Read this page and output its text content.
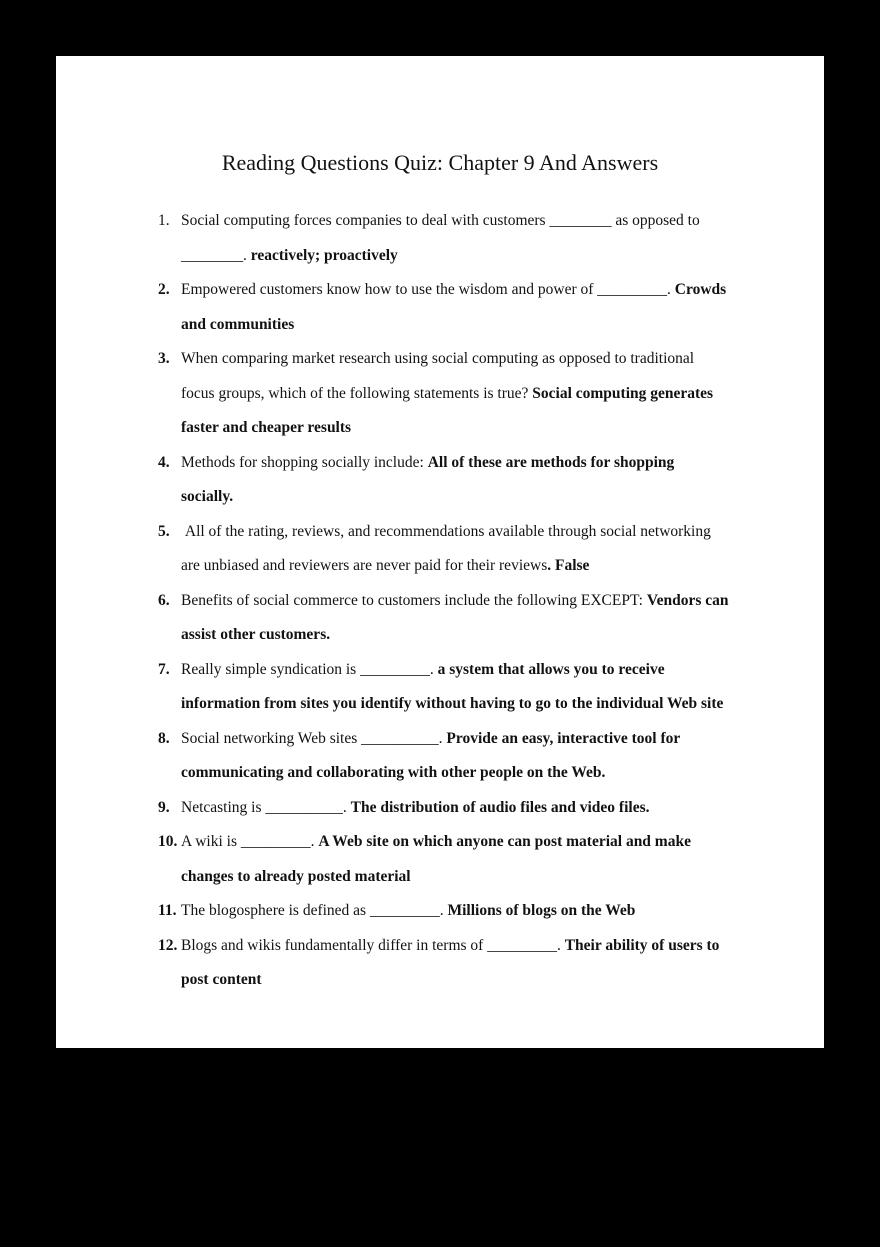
Reading Questions Quiz: Chapter 9 And Answers
1. Social computing forces companies to deal with customers ________ as opposed to ________. reactively; proactively
2. Empowered customers know how to use the wisdom and power of _________. Crowds and communities
3. When comparing market research using social computing as opposed to traditional focus groups, which of the following statements is true? Social computing generates faster and cheaper results
4. Methods for shopping socially include: All of these are methods for shopping socially.
5. All of the rating, reviews, and recommendations available through social networking are unbiased and reviewers are never paid for their reviews. False
6. Benefits of social commerce to customers include the following EXCEPT: Vendors can assist other customers.
7. Really simple syndication is _________. a system that allows you to receive information from sites you identify without having to go to the individual Web site
8. Social networking Web sites __________. Provide an easy, interactive tool for communicating and collaborating with other people on the Web.
9. Netcasting is __________. The distribution of audio files and video files.
10. A wiki is _________. A Web site on which anyone can post material and make changes to already posted material
11. The blogosphere is defined as _________. Millions of blogs on the Web
12. Blogs and wikis fundamentally differ in terms of _________. Their ability of users to post content
